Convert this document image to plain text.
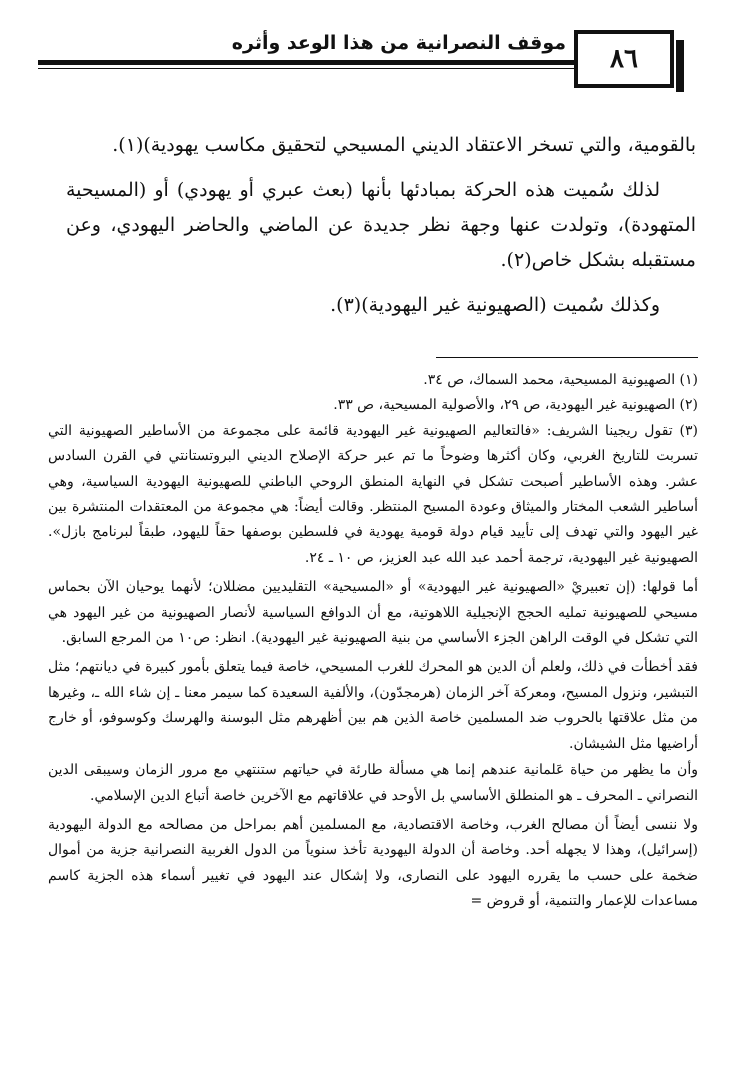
موقف النصرانية من هذا الوعد وأثره
٨٦

بالقومية، والتي تسخر الاعتقاد الديني المسيحي لتحقيق مكاسب يهودية)(١).

لذلك سُميت هذه الحركة بمبادئها بأنها (بعث عبري أو يهودي) أو (المسيحية المتهودة)، وتولدت عنها وجهة نظر جديدة عن الماضي والحاضر اليهودي، وعن مستقبله بشكل خاص(٢).

وكذلك سُميت (الصهيونية غير اليهودية)(٣).

(١) الصهيونية المسيحية، محمد السماك، ص ٣٤.

(٢) الصهيونية غير اليهودية، ص ٢٩، والأصولية المسيحية، ص ٣٣.

(٣) تقول ريجينا الشريف: «فالتعاليم الصهيونية غير اليهودية قائمة على مجموعة من الأساطير الصهيونية التي تسربت للتاريخ الغربي، وكان أكثرها وضوحاً ما تم عبر حركة الإصلاح الديني البروتستانتي في القرن السادس عشر. وهذه الأساطير أصبحت تشكل في النهاية المنطق الروحي الباطني للصهيونية اليهودية السياسية، وهي أساطير الشعب المختار والميثاق وعودة المسيح المنتظر. وقالت أيضاً: هي مجموعة من المعتقدات المنتشرة بين غير اليهود والتي تهدف إلى تأييد قيام دولة قومية يهودية في فلسطين بوصفها حقاً لليهود، طبقاً لبرنامج بازل». الصهيونية غير اليهودية، ترجمة أحمد عبد الله عبد العزيز، ص ١٠ ـ ٢٤.

أما قولها: (إن تعبيريْ «الصهيونية غير اليهودية» أو «المسيحية» التقليديين مضللان؛ لأنهما يوحيان الآن بحماس مسيحي للصهيونية تمليه الحجج الإنجيلية اللاهوتية، مع أن الدوافع السياسية لأنصار الصهيونية من غير اليهود هي التي تشكل في الوقت الراهن الجزء الأساسي من بنية الصهيونية غير اليهودية). انظر: ص١٠ من المرجع السابق.

فقد أخطأت في ذلك، ولعلم أن الدين هو المحرك للغرب المسيحي، خاصة فيما يتعلق بأمور كبيرة في ديانتهم؛ مثل التبشير، ونزول المسيح، ومعركة آخر الزمان (هرمجدّون)، والألفية السعيدة كما سيمر معنا ـ إن شاء الله ـ، وغيرها من مثل علاقتها بالحروب ضد المسلمين خاصة الذين هم بين أظهرهم مثل البوسنة والهرسك وكوسوفو، أو خارج أراضيها مثل الشيشان.

وأن ما يظهر من حياة عَلمانية عندهم إنما هي مسألة طارئة في حياتهم ستنتهي مع مرور الزمان وسيبقى الدين النصراني ـ المحرف ـ هو المنطلق الأساسي بل الأوحد في علاقاتهم مع الآخرين خاصة أتباع الدين الإسلامي.

ولا ننسى أيضاً أن مصالح الغرب، وخاصة الاقتصادية، مع المسلمين أهم بمراحل من مصالحه مع الدولة اليهودية (إسرائيل)، وهذا لا يجهله أحد. وخاصة أن الدولة اليهودية تأخذ سنوياً من الدول الغربية النصرانية جزية من أموال ضخمة على حسب ما يقرره اليهود على النصارى، ولا إشكال عند اليهود في تغيير أسماء هذه الجزية كاسم مساعدات للإعمار والتنمية، أو قروض =
